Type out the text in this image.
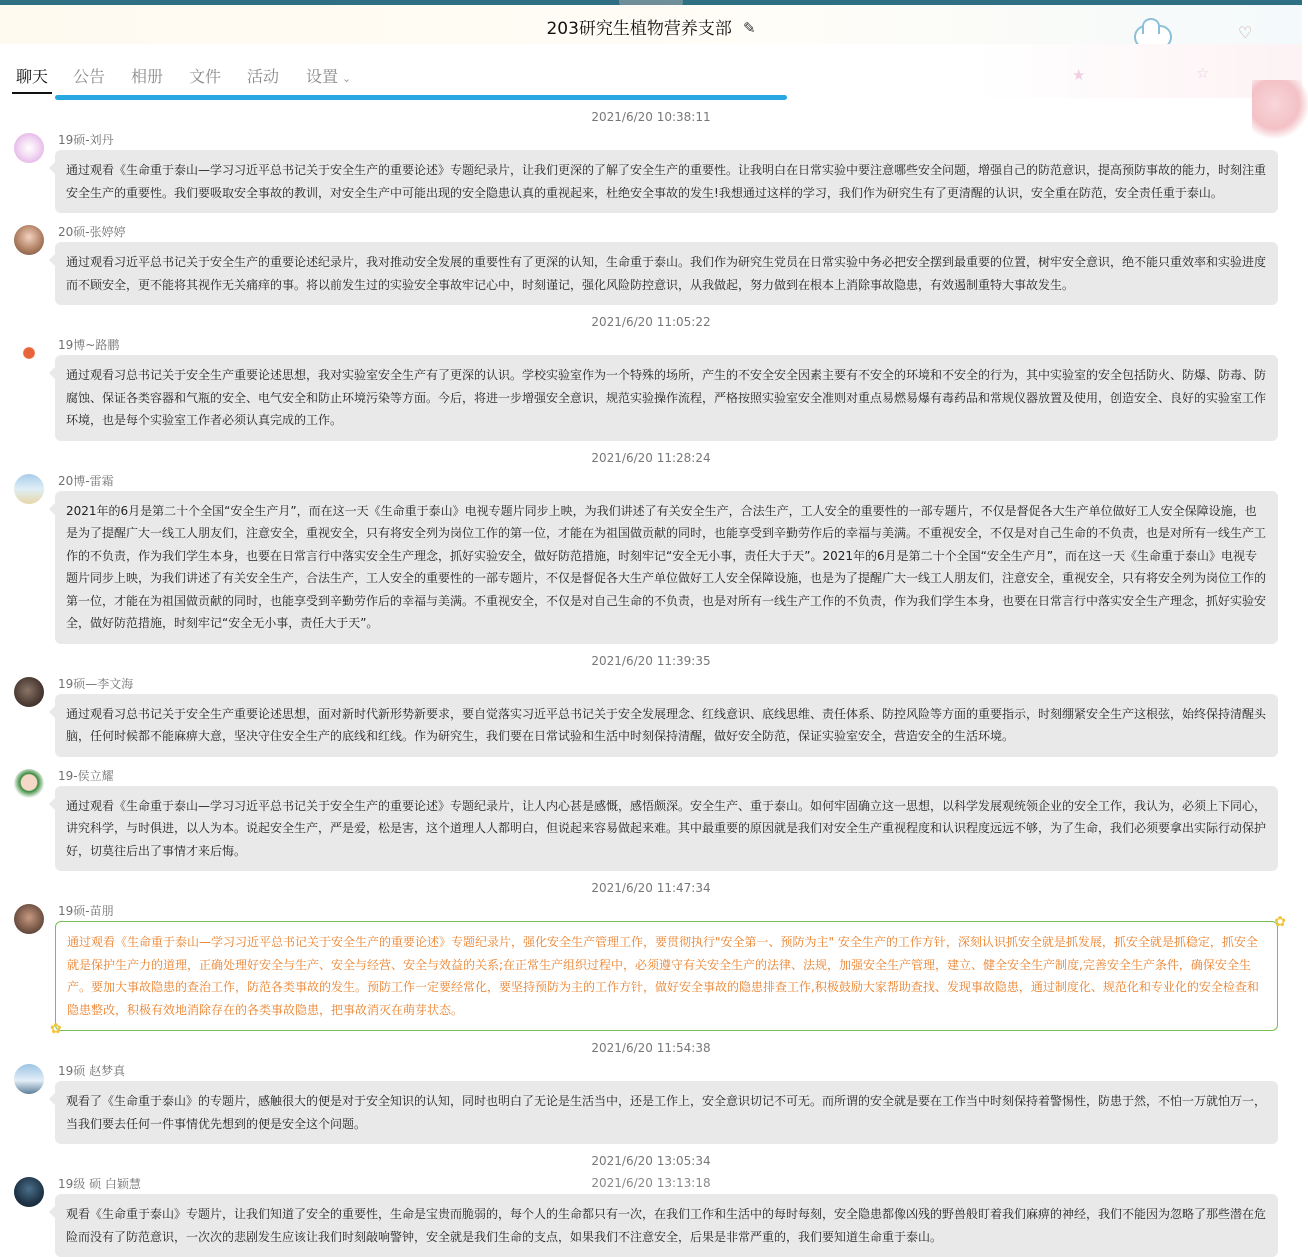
203研究生植物营养支部 ✎	♡
聊天 公告 相册 文件 活动 设置 ⌄	★	☆
2021/6/20 10:38:11
19硕-刘丹
通过观看《生命重于泰山—学习习近平总书记关于安全生产的重要论述》专题纪录片，让我们更深的了解了安全生产的重要性。让我明白在日常实验中要注意哪些安全问题，增强自己的防范意识，提高预防事故的能力，时刻注重安全生产的重要性。我们要吸取安全事故的教训，对安全生产中可能出现的安全隐患认真的重视起来，杜绝安全事故的发生!我想通过这样的学习，我们作为研究生有了更清醒的认识，安全重在防范，安全责任重于泰山。
20硕-张婷婷
通过观看习近平总书记关于安全生产的重要论述纪录片，我对推动安全发展的重要性有了更深的认知，生命重于泰山。我们作为研究生党员在日常实验中务必把安全摆到最重要的位置，树牢安全意识，绝不能只重效率和实验进度而不顾安全，更不能将其视作无关痛痒的事。将以前发生过的实验安全事故牢记心中，时刻谨记，强化风险防控意识，从我做起，努力做到在根本上消除事故隐患，有效遏制重特大事故发生。
2021/6/20 11:05:22
19博~路鹏
通过观看习总书记关于安全生产重要论述思想，我对实验室安全生产有了更深的认识。学校实验室作为一个特殊的场所，产生的不安全安全因素主要有不安全的环境和不安全的行为，其中实验室的安全包括防火、防爆、防毒、防腐蚀、保证各类容器和气瓶的安全、电气安全和防止环境污染等方面。今后，将进一步增强安全意识，规范实验操作流程，严格按照实验室安全准则对重点易燃易爆有毒药品和常规仪器放置及使用，创造安全、良好的实验室工作环境，也是每个实验室工作者必须认真完成的工作。
2021/6/20 11:28:24
20博-雷霜
2021年的6月是第二十个全国“安全生产月”，而在这一天《生命重于泰山》电视专题片同步上映，为我们讲述了有关安全生产，合法生产，工人安全的重要性的一部专题片，不仅是督促各大生产单位做好工人安全保障设施，也是为了提醒广大一线工人朋友们，注意安全，重视安全，只有将安全列为岗位工作的第一位，才能在为祖国做贡献的同时，也能享受到辛勤劳作后的幸福与美满。不重视安全，不仅是对自己生命的不负责，也是对所有一线生产工作的不负责，作为我们学生本身，也要在日常言行中落实安全生产理念，抓好实验安全，做好防范措施，时刻牢记“安全无小事，责任大于天”。2021年的6月是第二十个全国“安全生产月”，而在这一天《生命重于泰山》电视专题片同步上映，为我们讲述了有关安全生产，合法生产，工人安全的重要性的一部专题片，不仅是督促各大生产单位做好工人安全保障设施，也是为了提醒广大一线工人朋友们，注意安全，重视安全，只有将安全列为岗位工作的第一位，才能在为祖国做贡献的同时，也能享受到辛勤劳作后的幸福与美满。不重视安全，不仅是对自己生命的不负责，也是对所有一线生产工作的不负责，作为我们学生本身，也要在日常言行中落实安全生产理念，抓好实验安全，做好防范措施，时刻牢记“安全无小事，责任大于天”。
2021/6/20 11:39:35
19硕—李文海
通过观看习总书记关于安全生产重要论述思想，面对新时代新形势新要求，要自觉落实习近平总书记关于安全发展理念、红线意识、底线思维、责任体系、防控风险等方面的重要指示，时刻绷紧安全生产这根弦，始终保持清醒头脑，任何时候都不能麻痹大意，坚决守住安全生产的底线和红线。作为研究生，我们要在日常试验和生活中时刻保持清醒，做好安全防范，保证实验室安全，营造安全的生活环境。
19-侯立耀
通过观看《生命重于泰山—学习习近平总书记关于安全生产的重要论述》专题纪录片，让人内心甚是感慨，感悟颇深。安全生产、重于泰山。如何牢固确立这一思想，以科学发展观统领企业的安全工作，我认为，必须上下同心，讲究科学，与时俱进，以人为本。说起安全生产，严是爱，松是害，这个道理人人都明白，但说起来容易做起来难。其中最重要的原因就是我们对安全生产重视程度和认识程度远远不够，为了生命，我们必须要拿出实际行动保护好，切莫往后出了事情才来后悔。
2021/6/20 11:47:34
19硕-苗朋
通过观看《生命重于泰山—学习习近平总书记关于安全生产的重要论述》专题纪录片，强化安全生产管理工作，要贯彻执行"安全第一、预防为主" 安全生产的工作方针，深刻认识抓安全就是抓发展，抓安全就是抓稳定，抓安全就是保护生产力的道理，正确处理好安全与生产、安全与经营、安全与效益的关系;在正常生产组织过程中，必须遵守有关安全生产的法律、法规，加强安全生产管理，建立、健全安全生产制度,完善安全生产条件，确保安全生产。要加大事故隐患的查治工作，防范各类事故的发生。预防工作一定要经常化，要坚持预防为主的工作方针，做好安全事故的隐患排查工作,积极鼓励大家帮助查找、发现事故隐患，通过制度化、规范化和专业化的安全检查和隐患整改，积极有效地消除存在的各类事故隐患，把事故消灭在萌芽状态。
✿
✿
2021/6/20 11:54:38
19硕 赵梦真
观看了《生命重于泰山》的专题片，感触很大的便是对于安全知识的认知，同时也明白了无论是生活当中，还是工作上，安全意识切记不可无。而所谓的安全就是要在工作当中时刻保持着警惕性，防患于然，不怕一万就怕万一，当我们要去任何一件事情优先想到的便是安全这个问题。
2021/6/20 13:05:34
19级 硕 白颖慧
观看《生命重于泰山》专题片，让我们知道了安全的重要性，生命是宝贵而脆弱的，每个人的生命都只有一次，在我们工作和生活中的每时每刻，安全隐患都像凶残的野兽般盯着我们麻痹的神经，我们不能因为忽略了那些潜在危险而没有了防范意识，一次次的悲剧发生应该让我们时刻敲响警钟，安全就是我们生命的支点，如果我们不注意安全，后果是非常严重的，我们要知道生命重于泰山。
2021/6/20 13:13:18
